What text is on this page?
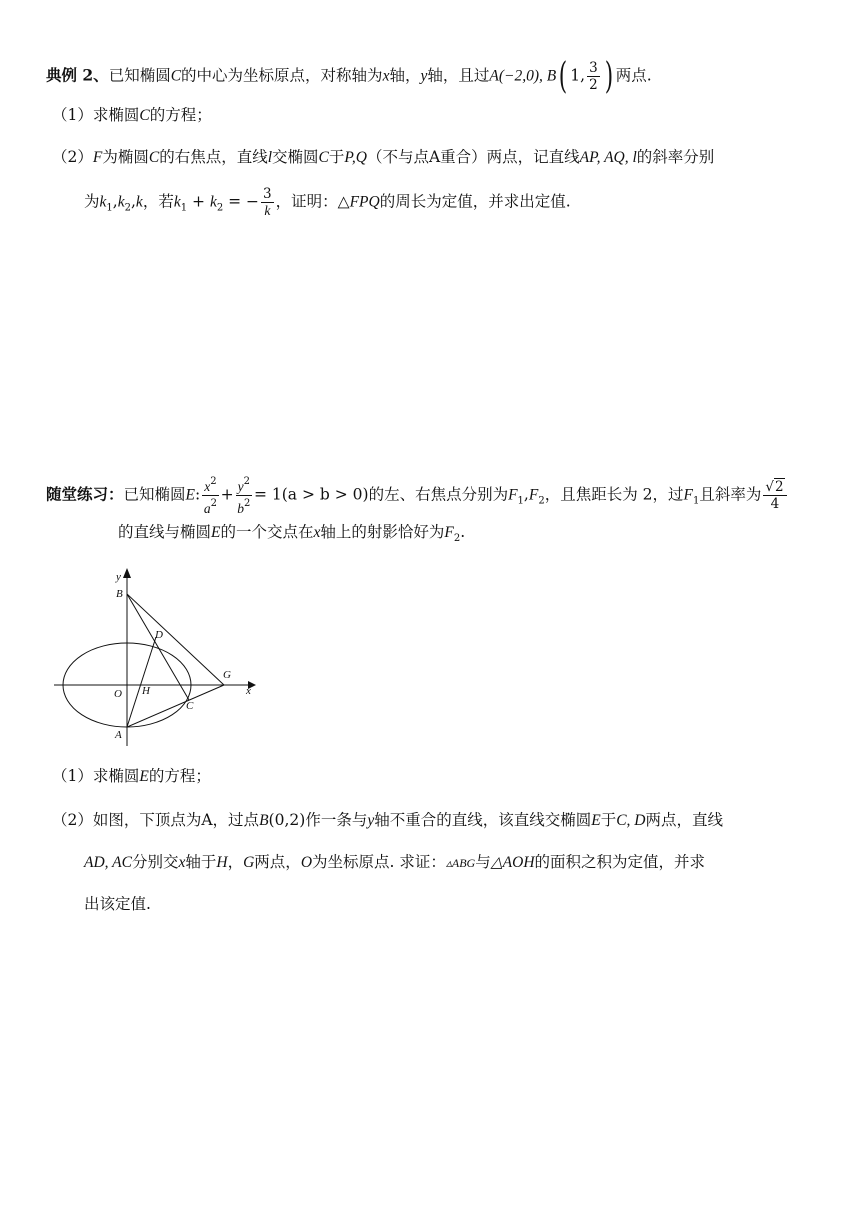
典例 2、已知椭圆C的中心为坐标原点，对称轴为x轴，y轴，且过A(−2,0), B( 1, $\frac{3}{2}$ ) 两点.
（1）求椭圆C的方程；
（2）F为椭圆C的右焦点，直线l交椭圆C于P,Q（不与点A重合）两点，记直线AP, AQ, l的斜率分别
为$k_1,k_2,k$，若$k_1 + k_2$ = − $\frac{3}{k}$ ，证明：△FPQ的周长为定值，并求出定值.
随堂练习：已知椭圆E: $\frac{x^2}{a^2} + \frac{y^2}{b^2} = 1(a > b > 0)$的左、右焦点分别为$F_1,F_2$，且焦距长为 2，过$F_1$且斜率为 $\frac{√2}{4}$
的直线与椭圆E的一个交点在x轴上的射影恰好为$F_2$.
y
x
B
D
G
O H
C
A
（1）求椭圆E的方程；
（2）如图，下顶点为A，过点B(0,2)作一条与y轴不重合的直线，该直线交椭圆E于C, D两点，直线
AD, AC分别交x轴于H，G两点，O为坐标原点. 求证：▵ABG与△AOH的面积之积为定值，并求
出该定值.
